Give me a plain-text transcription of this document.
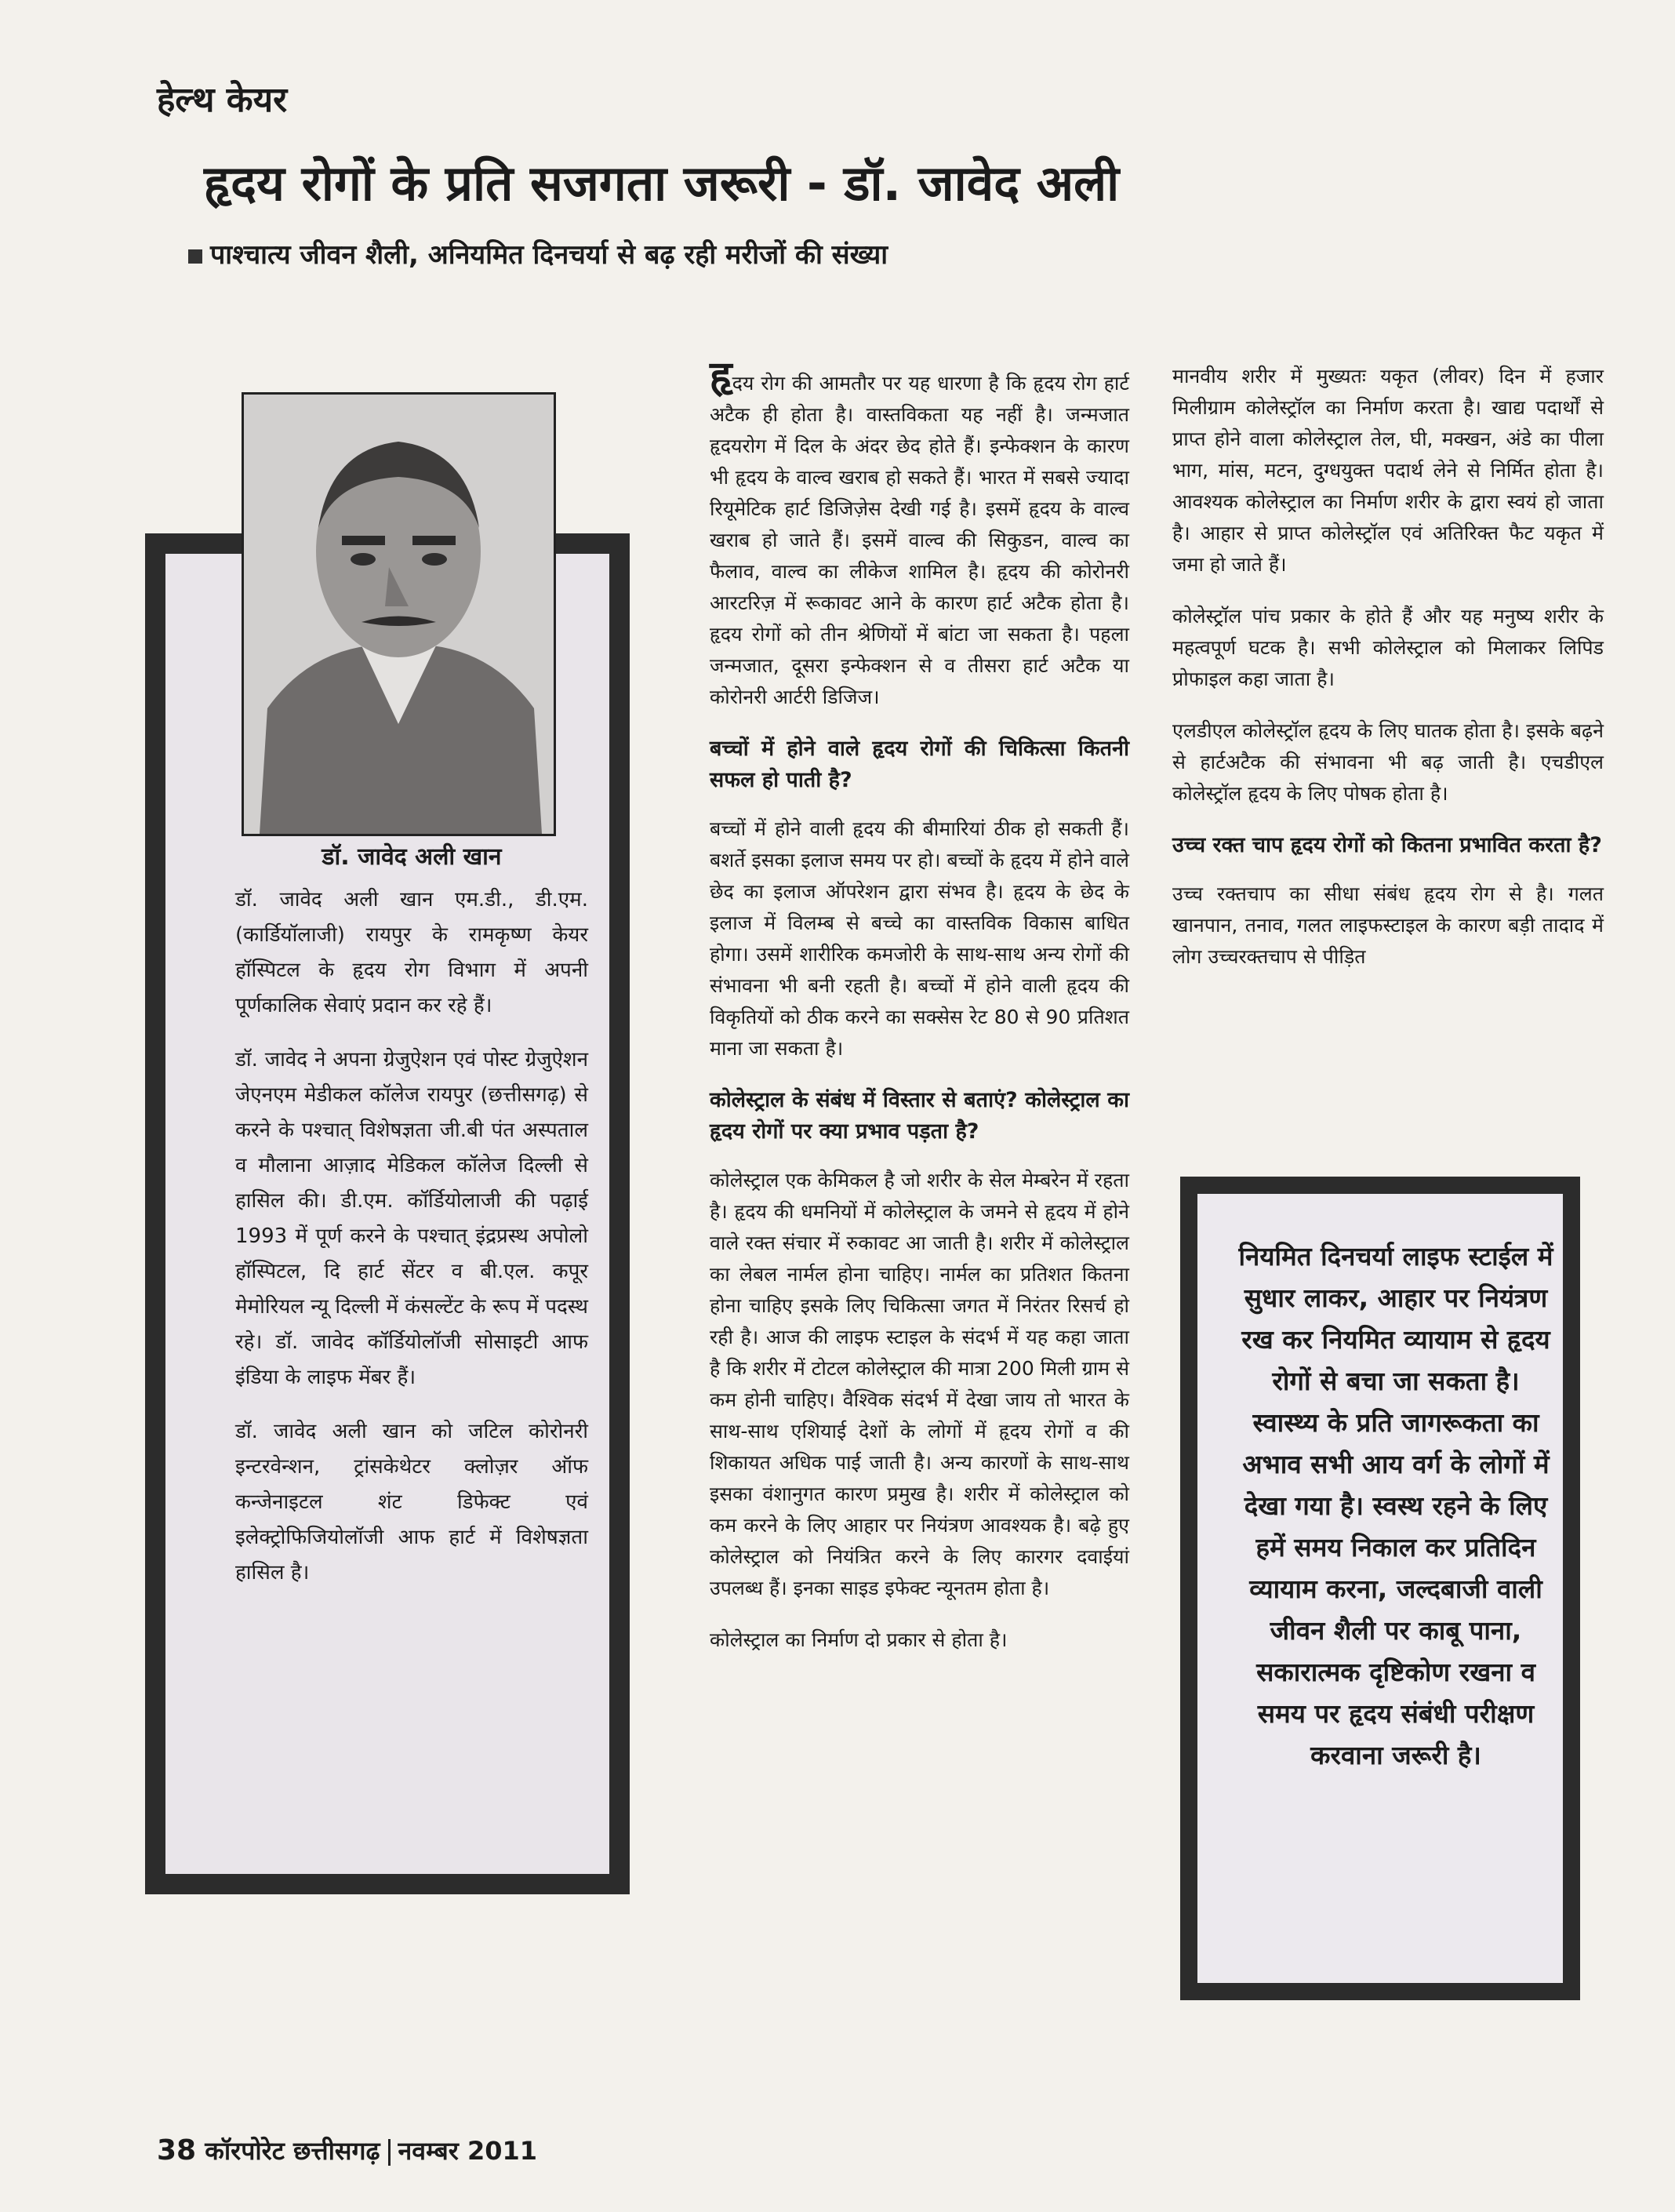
हेल्थ केयर
हृदय रोगों के प्रति सजगता जरूरी - डॉ. जावेद अली
पाश्चात्य जीवन शैली, अनियमित दिनचर्या से बढ़ रही मरीजों की संख्या
डॉ. जावेद अली खान

डॉ. जावेद अली खान एम.डी., डी.एम. (कार्डियॉलाजी) रायपुर के रामकृष्ण केयर हॉस्पिटल के हृदय रोग विभाग में अपनी पूर्णकालिक सेवाएं प्रदान कर रहे हैं।

डॉ. जावेद ने अपना ग्रेजुऐशन एवं पोस्ट ग्रेजुऐशन जेएनएम मेडीकल कॉलेज रायपुर (छत्तीसगढ़) से करने के पश्चात् विशेषज्ञता जी.बी पंत अस्पताल व मौलाना आज़ाद मेडिकल कॉलेज दिल्ली से हासिल की। डी.एम. कॉर्डियोलाजी की पढ़ाई 1993 में पूर्ण करने के पश्चात् इंद्रप्रस्थ अपोलो हॉस्पिटल, दि हार्ट सेंटर व बी.एल. कपूर मेमोरियल न्यू दिल्ली में कंसल्टेंट के रूप में पदस्थ रहे। डॉ. जावेद कॉर्डियोलॉजी सोसाइटी आफ इंडिया के लाइफ मेंबर हैं।

डॉ. जावेद अली खान को जटिल कोरोनरी इन्टरवेन्शन, ट्रांसकेथेटर क्लोज़र ऑफ कन्जेनाइटल शंट डिफेक्ट एवं इलेक्ट्रोफिजियोलॉजी आफ हार्ट में विशेषज्ञता हासिल है।

हृदय रोग की आमतौर पर यह धारणा है कि हृदय रोग हार्ट अटैक ही होता है। वास्तविकता यह नहीं है। जन्मजात हृदयरोग में दिल के अंदर छेद होते हैं। इन्फेक्शन के कारण भी हृदय के वाल्व खराब हो सकते हैं। भारत में सबसे ज्यादा रियूमेटिक हार्ट डिजिज़ेस देखी गई है। इसमें हृदय के वाल्व खराब हो जाते हैं। इसमें वाल्व की सिकुडन, वाल्व का फैलाव, वाल्व का लीकेज शामिल है। हृदय की कोरोनरी आरटरिज़ में रूकावट आने के कारण हार्ट अटैक होता है। हृदय रोगों को तीन श्रेणियों में बांटा जा सकता है। पहला जन्मजात, दूसरा इन्फेक्शन से व तीसरा हार्ट अटैक या कोरोनरी आर्टरी डिजिज।

बच्चों में होने वाले हृदय रोगों की चिकित्सा कितनी सफल हो पाती है?

बच्चों में होने वाली हृदय की बीमारियां ठीक हो सकती हैं। बशर्ते इसका इलाज समय पर हो। बच्चों के हृदय में होने वाले छेद का इलाज ऑपरेशन द्वारा संभव है। हृदय के छेद के इलाज में विलम्ब से बच्चे का वास्तविक विकास बाधित होगा। उसमें शारीरिक कमजोरी के साथ-साथ अन्य रोगों की संभावना भी बनी रहती है। बच्चों में होने वाली हृदय की विकृतियों को ठीक करने का सक्सेस रेट 80 से 90 प्रतिशत माना जा सकता है।

कोलेस्ट्राल के संबंध में विस्तार से बताएं? कोलेस्ट्राल का हृदय रोगों पर क्या प्रभाव पड़ता है?

कोलेस्ट्राल एक केमिकल है जो शरीर के सेल मेम्बरेन में रहता है। हृदय की धमनियों में कोलेस्ट्राल के जमने से हृदय में होने वाले रक्त संचार में रुकावट आ जाती है। शरीर में कोलेस्ट्राल का लेबल नार्मल होना चाहिए। नार्मल का प्रतिशत कितना होना चाहिए इसके लिए चिकित्सा जगत में निरंतर रिसर्च हो रही है। आज की लाइफ स्टाइल के संदर्भ में यह कहा जाता है कि शरीर में टोटल कोलेस्ट्राल की मात्रा 200 मिली ग्राम से कम होनी चाहिए। वैश्विक संदर्भ में देखा जाय तो भारत के साथ-साथ एशियाई देशों के लोगों में हृदय रोगों व की शिकायत अधिक पाई जाती है। अन्य कारणों के साथ-साथ इसका वंशानुगत कारण प्रमुख है। शरीर में कोलेस्ट्राल को कम करने के लिए आहार पर नियंत्रण आवश्यक है। बढ़े हुए कोलेस्ट्राल को नियंत्रित करने के लिए कारगर दवाईयां उपलब्ध हैं। इनका साइड इफेक्ट न्यूनतम होता है।

कोलेस्ट्राल का निर्माण दो प्रकार से होता है।

मानवीय शरीर में मुख्यतः यकृत (लीवर) दिन में हजार मिलीग्राम कोलेस्ट्रॉल का निर्माण करता है। खाद्य पदार्थों से प्राप्त होने वाला कोलेस्ट्राल तेल, घी, मक्खन, अंडे का पीला भाग, मांस, मटन, दुग्धयुक्त पदार्थ लेने से निर्मित होता है। आवश्यक कोलेस्ट्राल का निर्माण शरीर के द्वारा स्वयं हो जाता है। आहार से प्राप्त कोलेस्ट्रॉल एवं अतिरिक्त फैट यकृत में जमा हो जाते हैं।

कोलेस्ट्रॉल पांच प्रकार के होते हैं और यह मनुष्य शरीर के महत्वपूर्ण घटक है। सभी कोलेस्ट्राल को मिलाकर लिपिड प्रोफाइल कहा जाता है।

एलडीएल कोलेस्ट्रॉल हृदय के लिए घातक होता है। इसके बढ़ने से हार्टअटैक की संभावना भी बढ़ जाती है। एचडीएल कोलेस्ट्रॉल हृदय के लिए पोषक होता है।

उच्च रक्त चाप हृदय रोगों को कितना प्रभावित करता है?

उच्च रक्तचाप का सीधा संबंध हृदय रोग से है। गलत खानपान, तनाव, गलत लाइफस्टाइल के कारण बड़ी तादाद में लोग उच्चरक्तचाप से पीड़ित

नियमित दिनचर्या लाइफ स्टाईल में सुधार लाकर, आहार पर नियंत्रण रख कर नियमित व्यायाम से हृदय रोगों से बचा जा सकता है। स्वास्थ्य के प्रति जागरूकता का अभाव सभी आय वर्ग के लोगों में देखा गया है। स्वस्थ रहने के लिए हमें समय निकाल कर प्रतिदिन व्यायाम करना, जल्दबाजी वाली जीवन शैली पर काबू पाना, सकारात्मक दृष्टिकोण रखना व समय पर हृदय संबंधी परीक्षण करवाना जरूरी है।
38 कॉरपोरेट छत्तीसगढ़ नवम्बर 2011
